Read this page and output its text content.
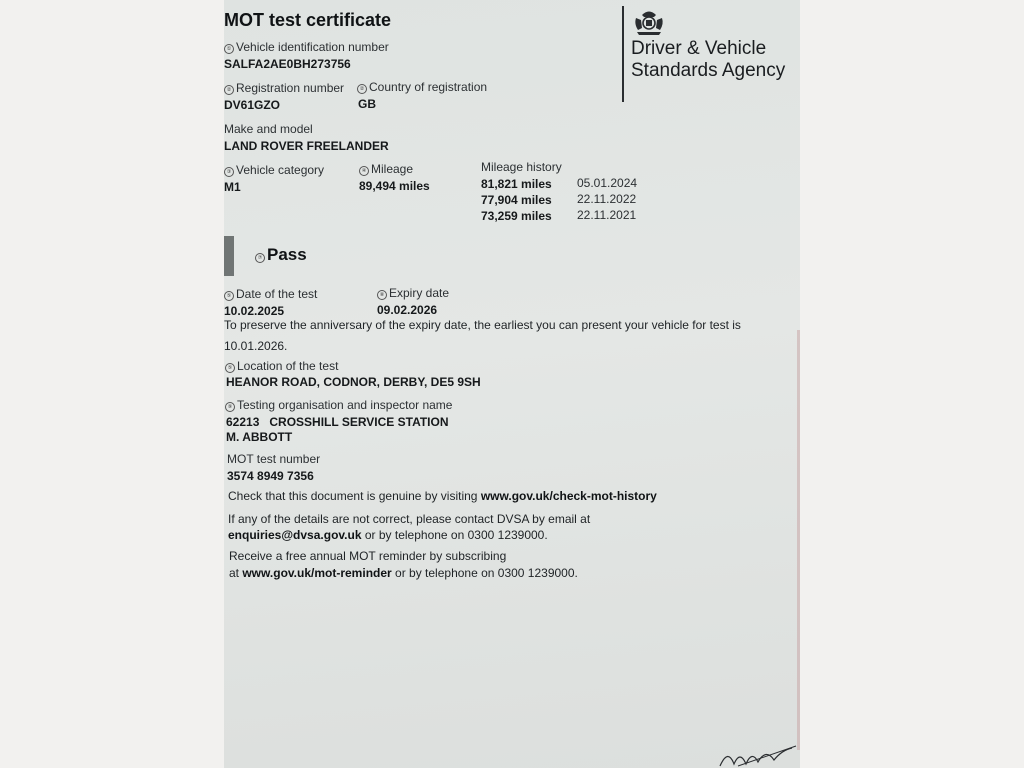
MOT test certificate
Driver & Vehicle Standards Agency
① Vehicle identification number
SALFA2AE0BH273756
② Registration number
DV61GZO
② Country of registration
GB
Make and model
LAND ROVER FREELANDER
③ Vehicle category
M1
④ Mileage
89,494 miles
Mileage history
81,821 miles 05.01.2024
77,904 miles 22.11.2022
73,259 miles 22.11.2021
⑦ Pass
⑤ Date of the test
10.02.2025
⑧ Expiry date
09.02.2026
To preserve the anniversary of the expiry date, the earliest you can present your vehicle for test is
10.01.2026.
⑤ Location of the test
HEANOR ROAD, CODNOR, DERBY, DE5 9SH
⑨ Testing organisation and inspector name
62213   CROSSHILL SERVICE STATION
M. ABBOTT
MOT test number
3574 8949 7356
Check that this document is genuine by visiting www.gov.uk/check-mot-history
If any of the details are not correct, please contact DVSA by email at
enquiries@dvsa.gov.uk or by telephone on 0300 1239000.
Receive a free annual MOT reminder by subscribing
at www.gov.uk/mot-reminder or by telephone on 0300 1239000.
